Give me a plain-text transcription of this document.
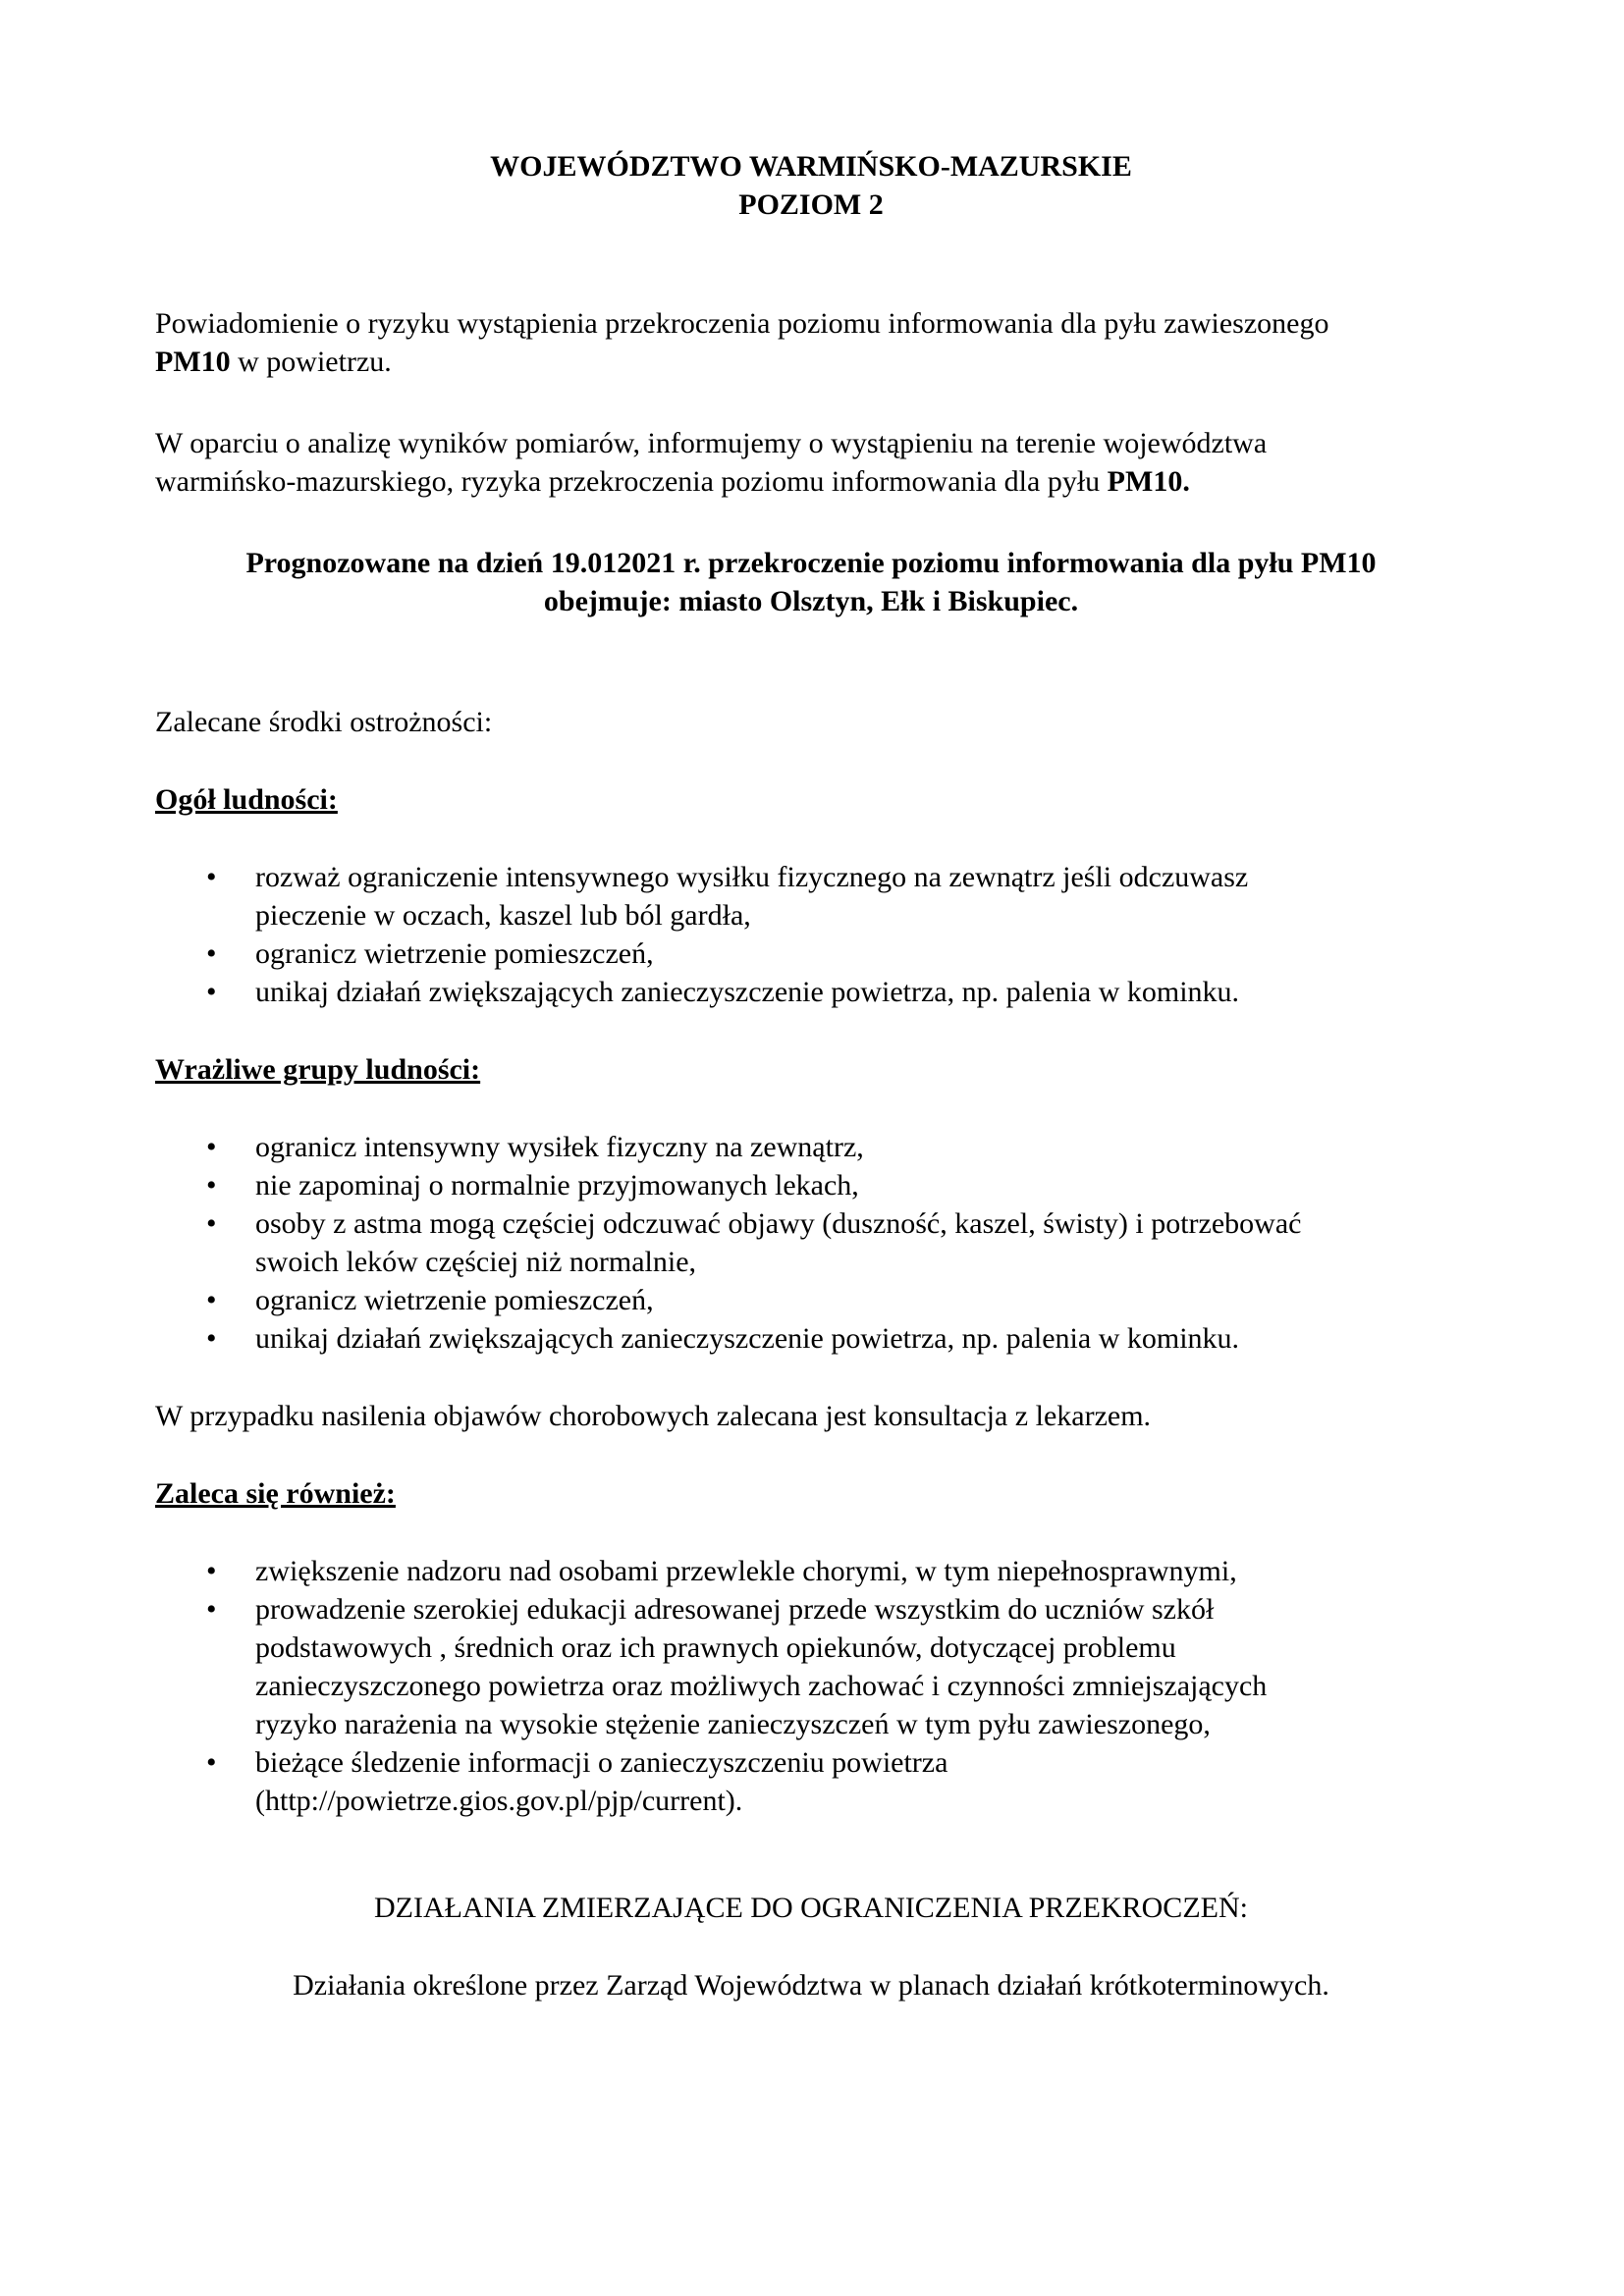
WOJEWÓDZTWO WARMIŃSKO-MAZURSKIE
POZIOM 2

Powiadomienie o ryzyku wystąpienia przekroczenia poziomu informowania dla pyłu zawieszonego
PM10 w powietrzu.

W oparciu o analizę wyników pomiarów, informujemy o wystąpieniu na terenie województwa
warmińsko-mazurskiego, ryzyka przekroczenia poziomu informowania dla pyłu PM10.

Prognozowane na dzień 19.012021 r. przekroczenie poziomu informowania dla pyłu PM10
obejmuje: miasto Olsztyn, Ełk i Biskupiec.

Zalecane środki ostrożności:

Ogół ludności:
• rozważ ograniczenie intensywnego wysiłku fizycznego na zewnątrz jeśli odczuwasz
pieczenie w oczach, kaszel lub ból gardła,
• ogranicz wietrzenie pomieszczeń,
• unikaj działań zwiększających zanieczyszczenie powietrza, np. palenia w kominku.
Wrażliwe grupy ludności:
• ogranicz intensywny wysiłek fizyczny na zewnątrz,
• nie zapominaj o normalnie przyjmowanych lekach,
• osoby z astma mogą częściej odczuwać objawy (duszność, kaszel, świsty) i potrzebować
swoich leków częściej niż normalnie,
• ogranicz wietrzenie pomieszczeń,
• unikaj działań zwiększających zanieczyszczenie powietrza, np. palenia w kominku.

W przypadku nasilenia objawów chorobowych zalecana jest konsultacja z lekarzem.

Zaleca się również:
• zwiększenie nadzoru nad osobami przewlekle chorymi, w tym niepełnosprawnymi,
• prowadzenie szerokiej edukacji adresowanej przede wszystkim do uczniów szkół
podstawowych , średnich oraz ich prawnych opiekunów, dotyczącej problemu
zanieczyszczonego powietrza oraz możliwych zachować i czynności zmniejszających
ryzyko narażenia na wysokie stężenie zanieczyszczeń w tym pyłu zawieszonego,
• bieżące śledzenie informacji o zanieczyszczeniu powietrza
(http://powietrze.gios.gov.pl/pjp/current).

DZIAŁANIA ZMIERZAJĄCE DO OGRANICZENIA PRZEKROCZEŃ:

Działania określone przez Zarząd Województwa w planach działań krótkoterminowych.
